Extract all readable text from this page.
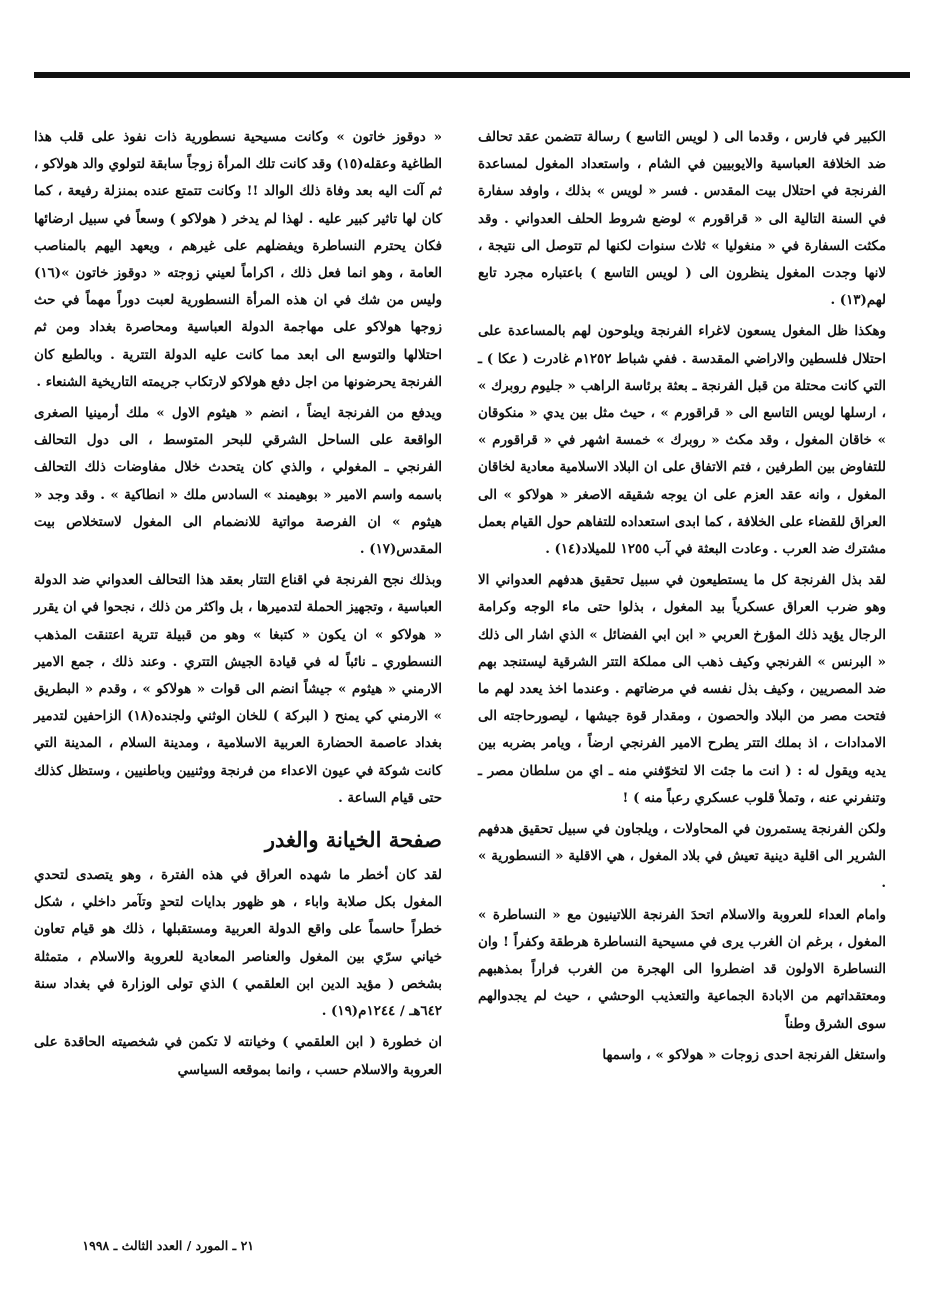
الكبير في فارس ، وقدما الى ( لويس التاسع ) رسالة تتضمن عقد تحالف ضد الخلافة العباسية والايوبيين في الشام ، واستعداد المغول لمساعدة الفرنجة في احتلال بيت المقدس . فسر « لويس » بذلك ، واوفد سفارة في السنة التالية الى « قراقورم » لوضع شروط الحلف العدواني . وقد مكثت السفارة في « منغوليا » ثلاث سنوات لكنها لم تتوصل الى نتيجة ، لانها وجدت المغول ينظرون الى ( لويس التاسع ) باعتباره مجرد تابع لهم(١٣) .

وهكذا ظل المغول يسعون لاغراء الفرنجة ويلوحون لهم بالمساعدة على احتلال فلسطين والاراضي المقدسة . ففي شباط ١٢٥٢م غادرت ( عكا ) ـ التي كانت محتلة من قبل الفرنجة ـ بعثة برئاسة الراهب « جليوم روبرك » ، ارسلها لويس التاسع الى « قراقورم » ، حيث مثل بين يدي « منكوقان » خاقان المغول ، وقد مكث « روبرك » خمسة اشهر في « قراقورم » للتفاوض بين الطرفين ، فتم الاتفاق على ان البلاد الاسلامية معادية لخاقان المغول ، وانه عقد العزم على ان يوجه شقيقه الاصغر « هولاكو » الى العراق للقضاء على الخلافة ، كما ابدى استعداده للتفاهم حول القيام بعمل مشترك ضد العرب . وعادت البعثة في آب ١٢٥٥ للميلاد(١٤) .

لقد بذل الفرنجة كل ما يستطيعون في سبيل تحقيق هدفهم العدواني الا وهو ضرب العراق عسكرياً بيد المغول ، بذلوا حتى ماء الوجه وكرامة الرجال يؤيد ذلك المؤرخ العربي « ابن ابي الفضائل » الذي اشار الى ذلك « البرنس » الفرنجي وكيف ذهب الى مملكة التتر الشرقية ليستنجد بهم ضد المصريين ، وكيف بذل نفسه في مرضاتهم . وعندما اخذ يعدد لهم ما فتحت مصر من البلاد والحصون ، ومقدار قوة جيشها ، ليصورحاجته الى الامدادات ، اذ بملك التتر يطرح الامير الفرنجي ارضاً ، ويامر بضربه بين يديه ويقول له : ( انت ما جئت الا لتخوّفني منه ـ اي من سلطان مصر ـ وتنفرني عنه ، وتملأ قلوب عسكري رعباً منه ) !

ولكن الفرنجة يستمرون في المحاولات ، ويلجاون في سبيل تحقيق هدفهم الشرير الى اقلية دينية تعيش في بلاد المغول ، هي الاقلية « النسطورية » .

وامام العداء للعروبة والاسلام اتحدَ الفرنجة اللاتينيون مع « النساطرة » المغول ، برغم ان الغرب يرى في مسيحية النساطرة هرطقة وكفراً ! وان النساطرة الاولون قد اضطروا الى الهجرة من الغرب فراراً بمذهبهم ومعتقداتهم من الابادة الجماعية والتعذيب الوحشي ، حيث لم يجدوالهم سوى الشرق وطناً

واستغل الفرنجة احدى زوجات « هولاكو » ، واسمها

« دوقوز خاتون » وكانت مسيحية نسطورية ذات نفوذ على قلب هذا الطاغية وعقله(١٥) وقد كانت تلك المرأة زوجاً سابقة لتولوي والد هولاكو ، ثم آلت اليه بعد وفاة ذلك الوالد !! وكانت تتمتع عنده بمنزلة رفيعة ، كما كان لها تاثير كبير عليه . لهذا لم يدخر ( هولاكو ) وسعاً في سبيل ارضائها فكان يحترم النساطرة ويفضلهم على غيرهم ، ويعهد اليهم بالمناصب العامة ، وهو انما فعل ذلك ، اكراماً لعيني زوجته « دوقوز خاتون »(١٦) وليس من شك في ان هذه المرأة النسطورية لعبت دوراً مهماً في حث زوجها هولاكو على مهاجمة الدولة العباسية ومحاصرة بغداد ومن ثم احتلالها والتوسع الى ابعد مما كانت عليه الدولة التترية . وبالطبع كان الفرنجة يحرضونها من اجل دفع هولاكو لارتكاب جريمته التاريخية الشنعاء .

ويدفع من الفرنجة ايضاً ، انضم « هيثوم الاول » ملك أرمينيا الصغرى الواقعة على الساحل الشرقي للبحر المتوسط ، الى دول التحالف الفرنجي ـ المغولي ، والذي كان يتحدث خلال مفاوضات ذلك التحالف باسمه واسم الامير « بوهيمند » السادس ملك « انطاكية » . وقد وجد « هيثوم » ان الفرصة مواتية للانضمام الى المغول لاستخلاص بيت المقدس(١٧) .

وبذلك نجح الفرنجة في اقناع التتار بعقد هذا التحالف العدواني ضد الدولة العباسية ، وتجهيز الحملة لتدميرها ، بل واكثر من ذلك ، نجحوا في ان يقرر « هولاكو » ان يكون « كتبغا » وهو من قبيلة تترية اعتنقت المذهب النسطوري ـ نائباً له في قيادة الجيش التتري . وعند ذلك ، جمع الامير الارمني « هيثوم » جيشاً انضم الى قوات « هولاكو » ، وقدم « البطريق » الارمني كي يمنح ( البركة ) للخان الوثني ولجنده(١٨) الزاحفين لتدمير بغداد عاصمة الحضارة العربية الاسلامية ، ومدينة السلام ، المدينة التي كانت شوكة في عيون الاعداء من فرنجة ووثنيين وباطنيين ، وستظل كذلك حتى قيام الساعة .

صفحة الخيانة والغدر

لقد كان أخطر ما شهده العراق في هذه الفترة ، وهو يتصدى لتحدي المغول بكل صلابة واباء ، هو ظهور بدايات لتحدٍ وتآمر داخلي ، شكل خطراً حاسماً على واقع الدولة العربية ومستقبلها ، ذلك هو قيام تعاون خياني سرّي بين المغول والعناصر المعادية للعروبة والاسلام ، متمثلة بشخص ( مؤيد الدين ابن العلقمي ) الذي تولى الوزارة في بغداد سنة ٦٤٢هـ / ١٢٤٤م(١٩) .

ان خطورة ( ابن العلقمي ) وخيانته لا تكمن في شخصيته الحاقدة على العروبة والاسلام حسب ، وانما بموقعه السياسي

٢١ ـ المورد / العدد الثالث ـ ١٩٩٨
